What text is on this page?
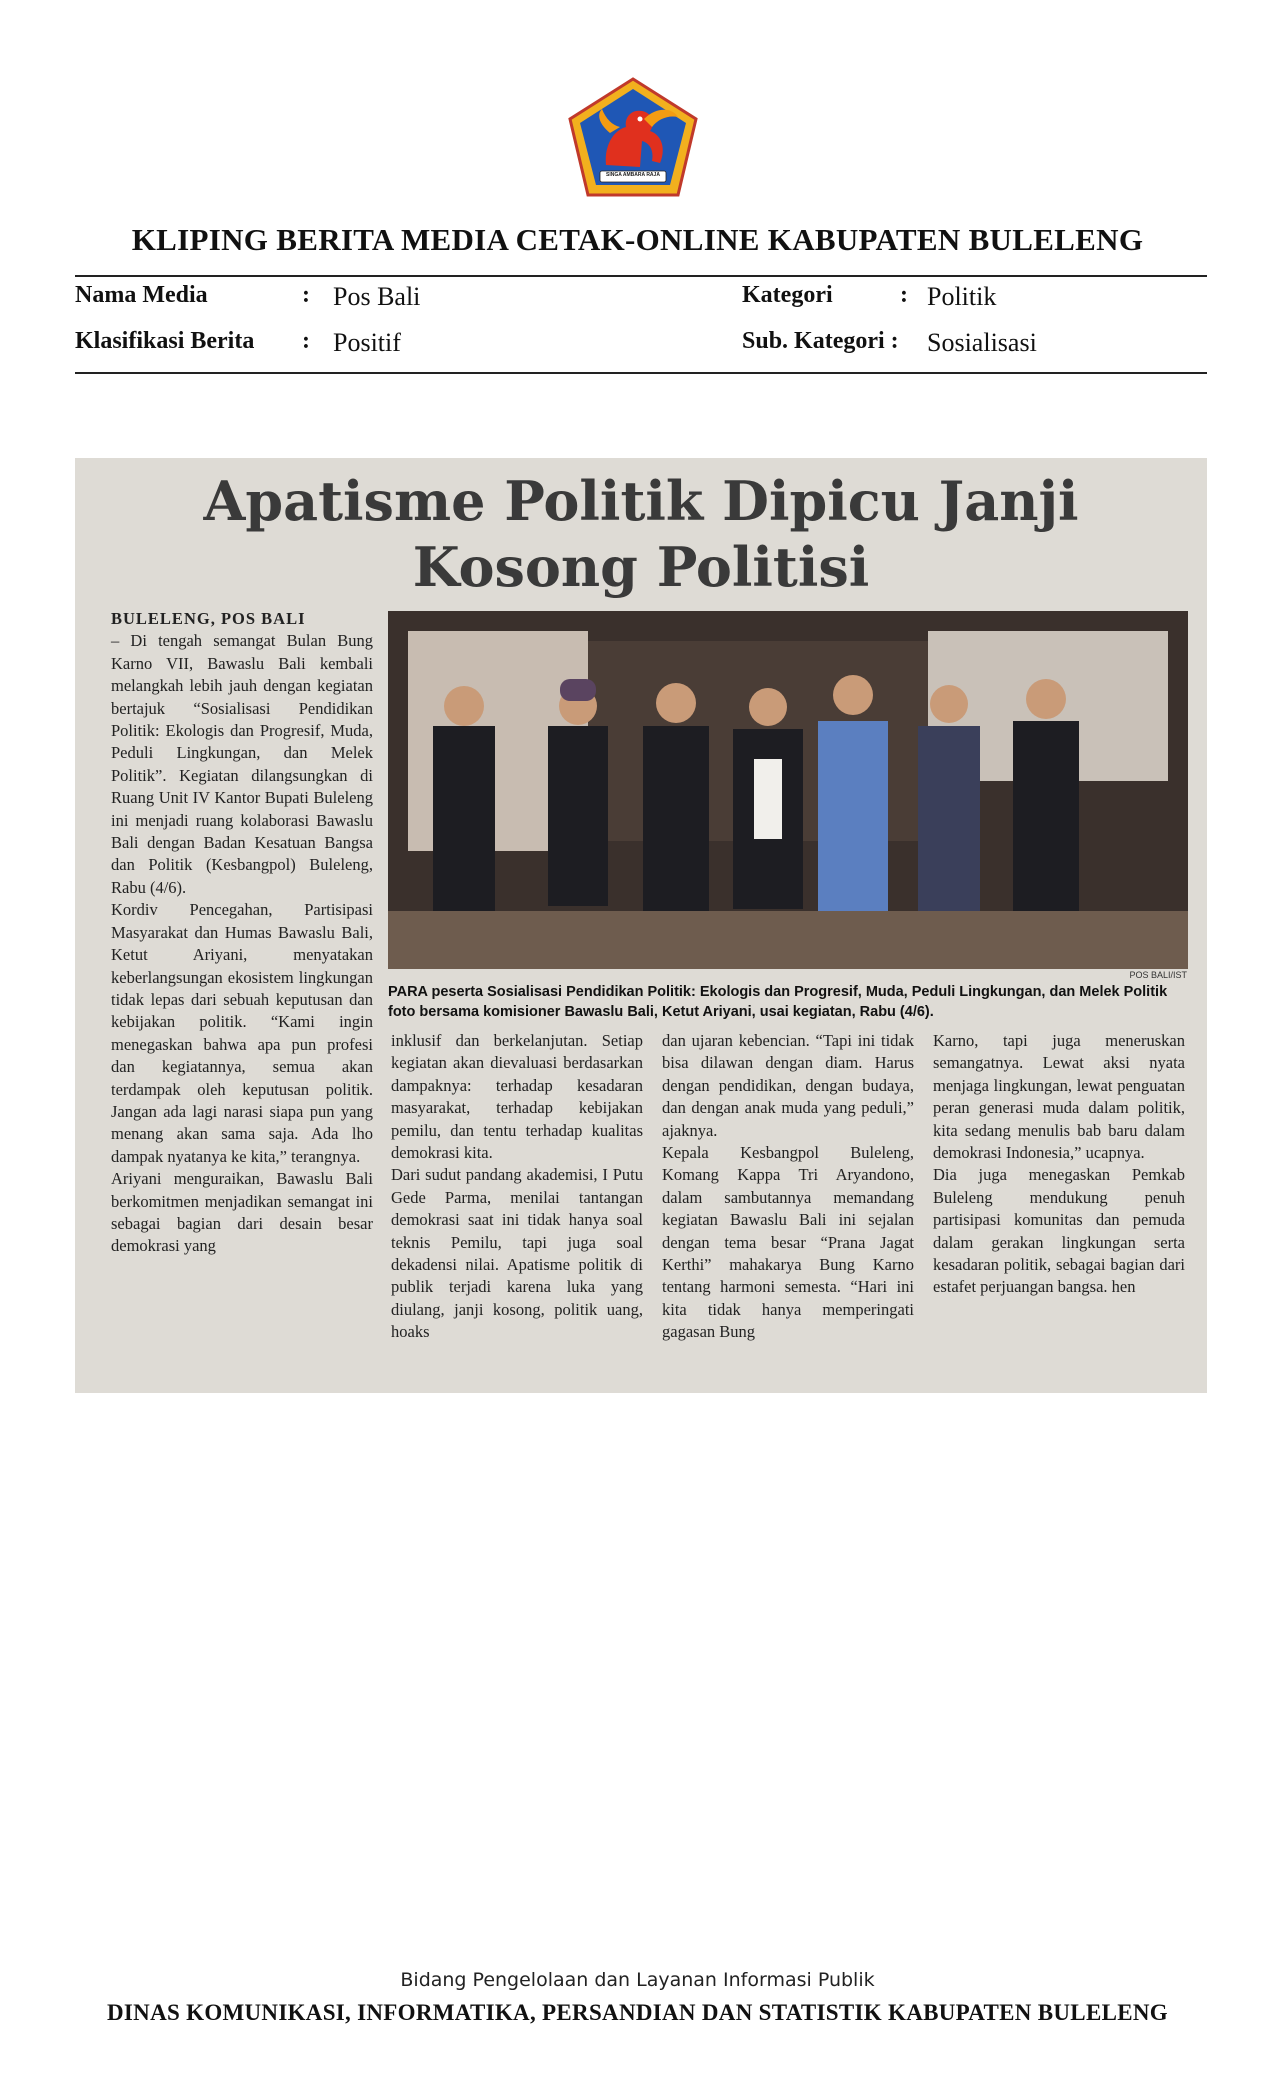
SINGA AMBARA RAJA
KLIPING BERITA MEDIA CETAK-ONLINE KABUPATEN BULELENG
Nama Media	: Pos Bali
Klasifikasi Berita : Positif
Kategori	: Politik
Sub. Kategori : Sosialisasi
Apatisme Politik Dipicu Janji
Kosong Politisi
BULELENG, POS BALI
– Di tengah semangat Bulan Bung Karno VII, Bawaslu Bali kembali melangkah lebih jauh dengan kegiatan bertajuk “Sosialisasi Pendidikan Politik: Ekologis dan Progresif, Muda, Peduli Lingkungan, dan Melek Politik”. Kegiatan dilangsungkan di Ruang Unit IV Kantor Bupati Buleleng ini menjadi ruang kolaborasi Bawaslu Bali dengan Badan Kesatuan Bangsa dan Politik (Kesbangpol) Buleleng, Rabu (4/6).
Kordiv Pencegahan, Partisipasi Masyarakat dan Humas Bawaslu Bali, Ketut Ariyani, menyatakan keberlangsungan ekosistem lingkungan tidak lepas dari sebuah keputusan dan kebijakan politik. “Kami ingin menegaskan bahwa apa pun profesi dan kegiatannya, semua akan terdampak oleh keputusan politik. Jangan ada lagi narasi siapa pun yang menang akan sama saja. Ada lho dampak nyatanya ke kita,” terangnya.
Ariyani menguraikan, Bawaslu Bali berkomitmen menjadikan semangat ini sebagai bagian dari desain besar demokrasi yang
POS BALI/IST
PARA peserta Sosialisasi Pendidikan Politik: Ekologis dan Progresif, Muda, Peduli Lingkungan, dan Melek Politik foto bersama komisioner Bawaslu Bali, Ketut Ariyani, usai kegiatan, Rabu (4/6).
inklusif dan berkelanjutan. Setiap kegiatan akan dievaluasi berdasarkan dampaknya: terhadap kesadaran masyarakat, terhadap kebijakan pemilu, dan tentu terhadap kualitas demokrasi kita.
Dari sudut pandang akademisi, I Putu Gede Parma, menilai tantangan demokrasi saat ini tidak hanya soal teknis Pemilu, tapi juga soal dekadensi nilai. Apatisme politik di publik terjadi karena luka yang diulang, janji kosong, politik uang, hoaks
dan ujaran kebencian. “Tapi ini tidak bisa dilawan dengan diam. Harus dengan pendidikan, dengan budaya, dan dengan anak muda yang peduli,” ajaknya.
Kepala Kesbangpol Buleleng, Komang Kappa Tri Aryandono, dalam sambutannya memandang kegiatan Bawaslu Bali ini sejalan dengan tema besar “Prana Jagat Kerthi” mahakarya Bung Karno tentang harmoni semesta. “Hari ini kita tidak hanya memperingati gagasan Bung
Karno, tapi juga meneruskan semangatnya. Lewat aksi nyata menjaga lingkungan, lewat penguatan peran generasi muda dalam politik, kita sedang menulis bab baru dalam demokrasi Indonesia,” ucapnya.
Dia juga menegaskan Pemkab Buleleng mendukung penuh partisipasi komunitas dan pemuda dalam gerakan lingkungan serta kesadaran politik, sebagai bagian dari estafet perjuangan bangsa. hen
Bidang Pengelolaan dan Layanan Informasi Publik
DINAS KOMUNIKASI, INFORMATIKA, PERSANDIAN DAN STATISTIK KABUPATEN BULELENG
